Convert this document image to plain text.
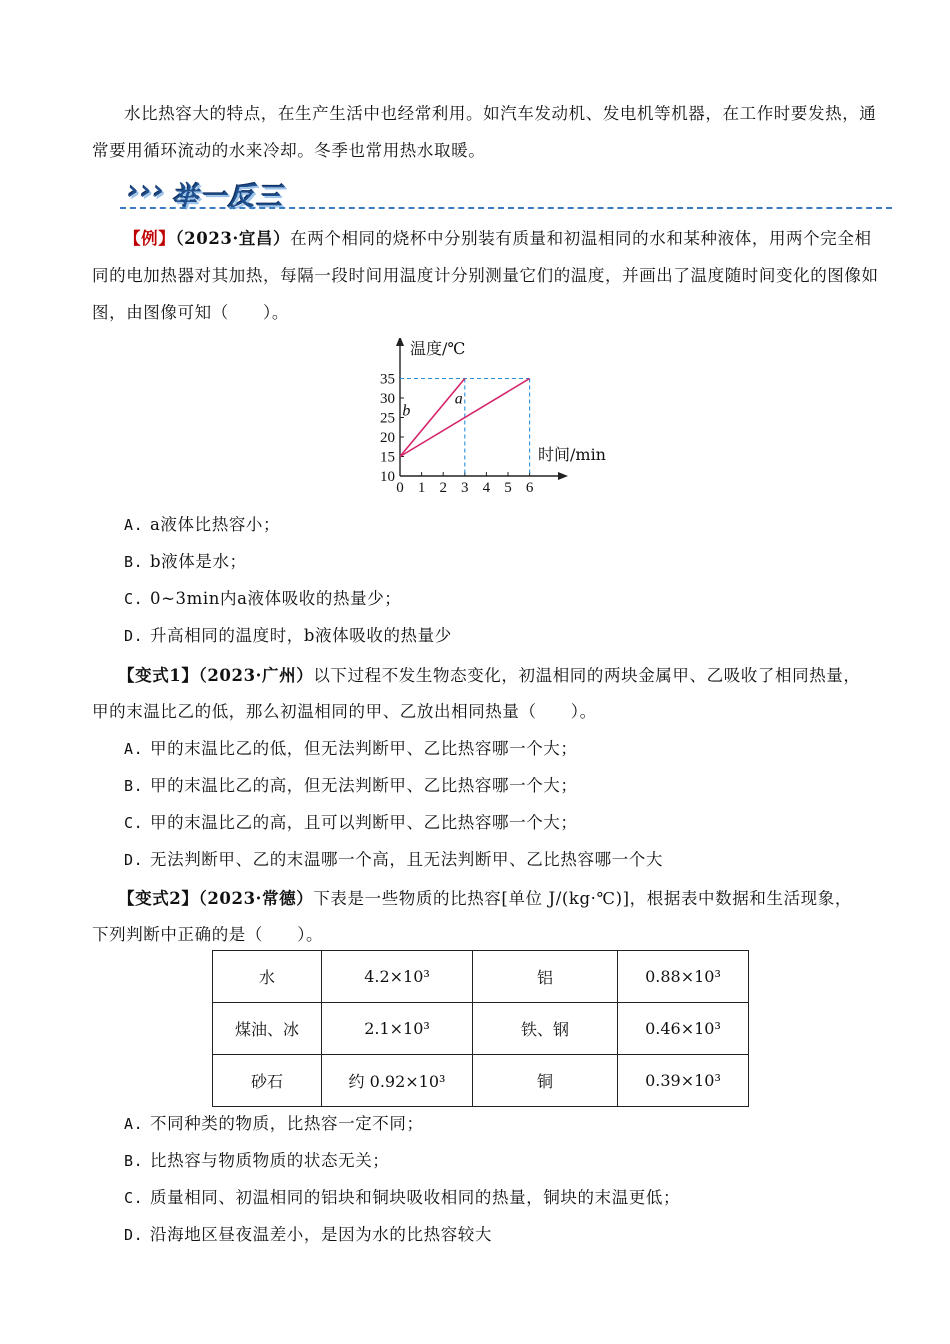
水比热容大的特点，在生产生活中也经常利用。如汽车发动机、发电机等机器，在工作时要发热，通
常要用循环流动的水来冷却。冬季也常用热水取暖。
››› 举一反三
【例】（2023·宜昌）在两个相同的烧杯中分别装有质量和初温相同的水和某种液体，用两个完全相
同的电加热器对其加热，每隔一段时间用温度计分别测量它们的温度，并画出了温度随时间变化的图像如
图，由图像可知（　　）。
0 1 2 3 4 5 6
10
15
20
25
30
35
b
a
温度/℃
时间/min
A. a液体比热容小；
B. b液体是水；
C. 0~3min内a液体吸收的热量少；
D. 升高相同的温度时，b液体吸收的热量少
【变式1】（2023·广州）以下过程不发生物态变化，初温相同的两块金属甲、乙吸收了相同热量，
甲的末温比乙的低，那么初温相同的甲、乙放出相同热量（　　）。
A. 甲的末温比乙的低，但无法判断甲、乙比热容哪一个大；
B. 甲的末温比乙的高，但无法判断甲、乙比热容哪一个大；
C. 甲的末温比乙的高，且可以判断甲、乙比热容哪一个大；
D. 无法判断甲、乙的末温哪一个高，且无法判断甲、乙比热容哪一个大
【变式2】（2023·常德）下表是一些物质的比热容[单位 J/(kg·℃)]，根据表中数据和生活现象，
下列判断中正确的是（　　）。
水	4.2×10³	铝	0.88×10³
煤油、冰	2.1×10³	铁、钢	0.46×10³
砂石	约 0.92×10³	铜	0.39×10³
A. 不同种类的物质，比热容一定不同；
B. 比热容与物质物质的状态无关；
C. 质量相同、初温相同的铝块和铜块吸收相同的热量，铜块的末温更低；
D. 沿海地区昼夜温差小，是因为水的比热容较大
